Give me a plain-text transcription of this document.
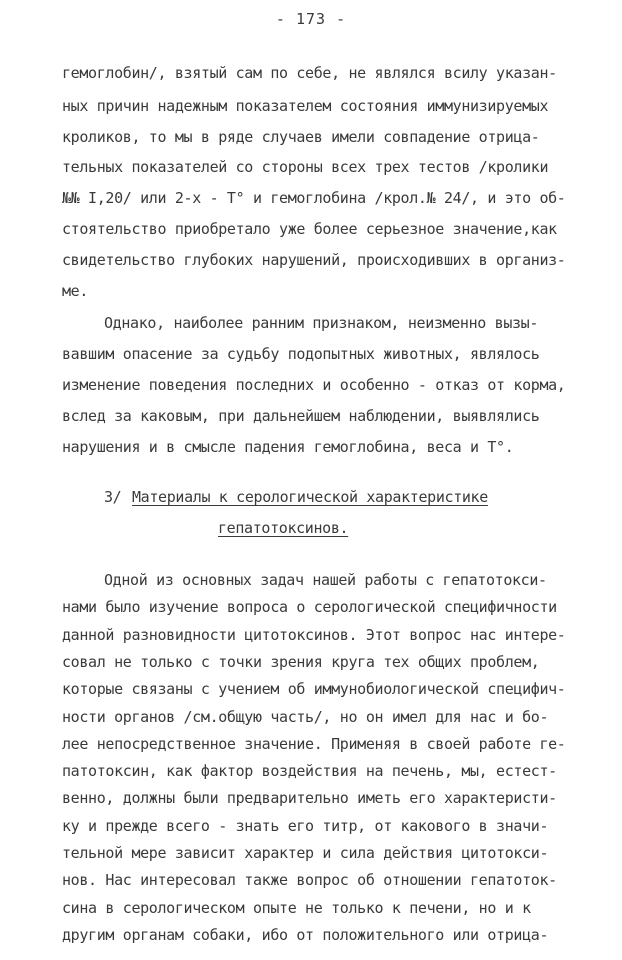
- 173 -
гемоглобин/, взятый сам по себе, не являлся всилу указан-
ных причин надежным показателем состояния иммунизируемых
кроликов, то мы в ряде случаев имели совпадение отрица-
тельных показателей со стороны всех трех тестов /кролики
№№ I,20/ или 2-х - Т° и гемоглобина /крол.№ 24/, и это об-
стоятельство приобретало уже более серьезное значение,как
свидетельство глубоких нарушений, происходивших в организ-
ме.
Однако, наиболее ранним признаком, неизменно вызы-
вавшим опасение за судьбу подопытных животных, являлось
изменение поведения последних и особенно - отказ от корма,
вслед за каковым, при дальнейшем наблюдении, выявлялись
нарушения и в смысле падения гемоглобина, веса и Т°.
3/ Материалы к серологической характеристике
гепатотоксинов.
Одной из основных задач нашей работы с гепатотокси-
нами было изучение вопроса о серологической специфичности
данной разновидности цитотоксинов. Этот вопрос нас интере-
совал не только с точки зрения круга тех общих проблем,
которые связаны с учением об иммунобиологической специфич-
ности органов /см.общую часть/, но он имел для нас и бо-
лее непосредственное значение. Применяя в своей работе ге-
патотоксин, как фактор воздействия на печень, мы, естест-
венно, должны были предварительно иметь его характеристи-
ку и прежде всего - знать его титр, от какового в значи-
тельной мере зависит характер и сила действия цитотокси-
нов. Нас интересовал также вопрос об отношении гепатоток-
сина в серологическом опыте не только к печени, но и к
другим органам собаки, ибо от положительного или отрица-
